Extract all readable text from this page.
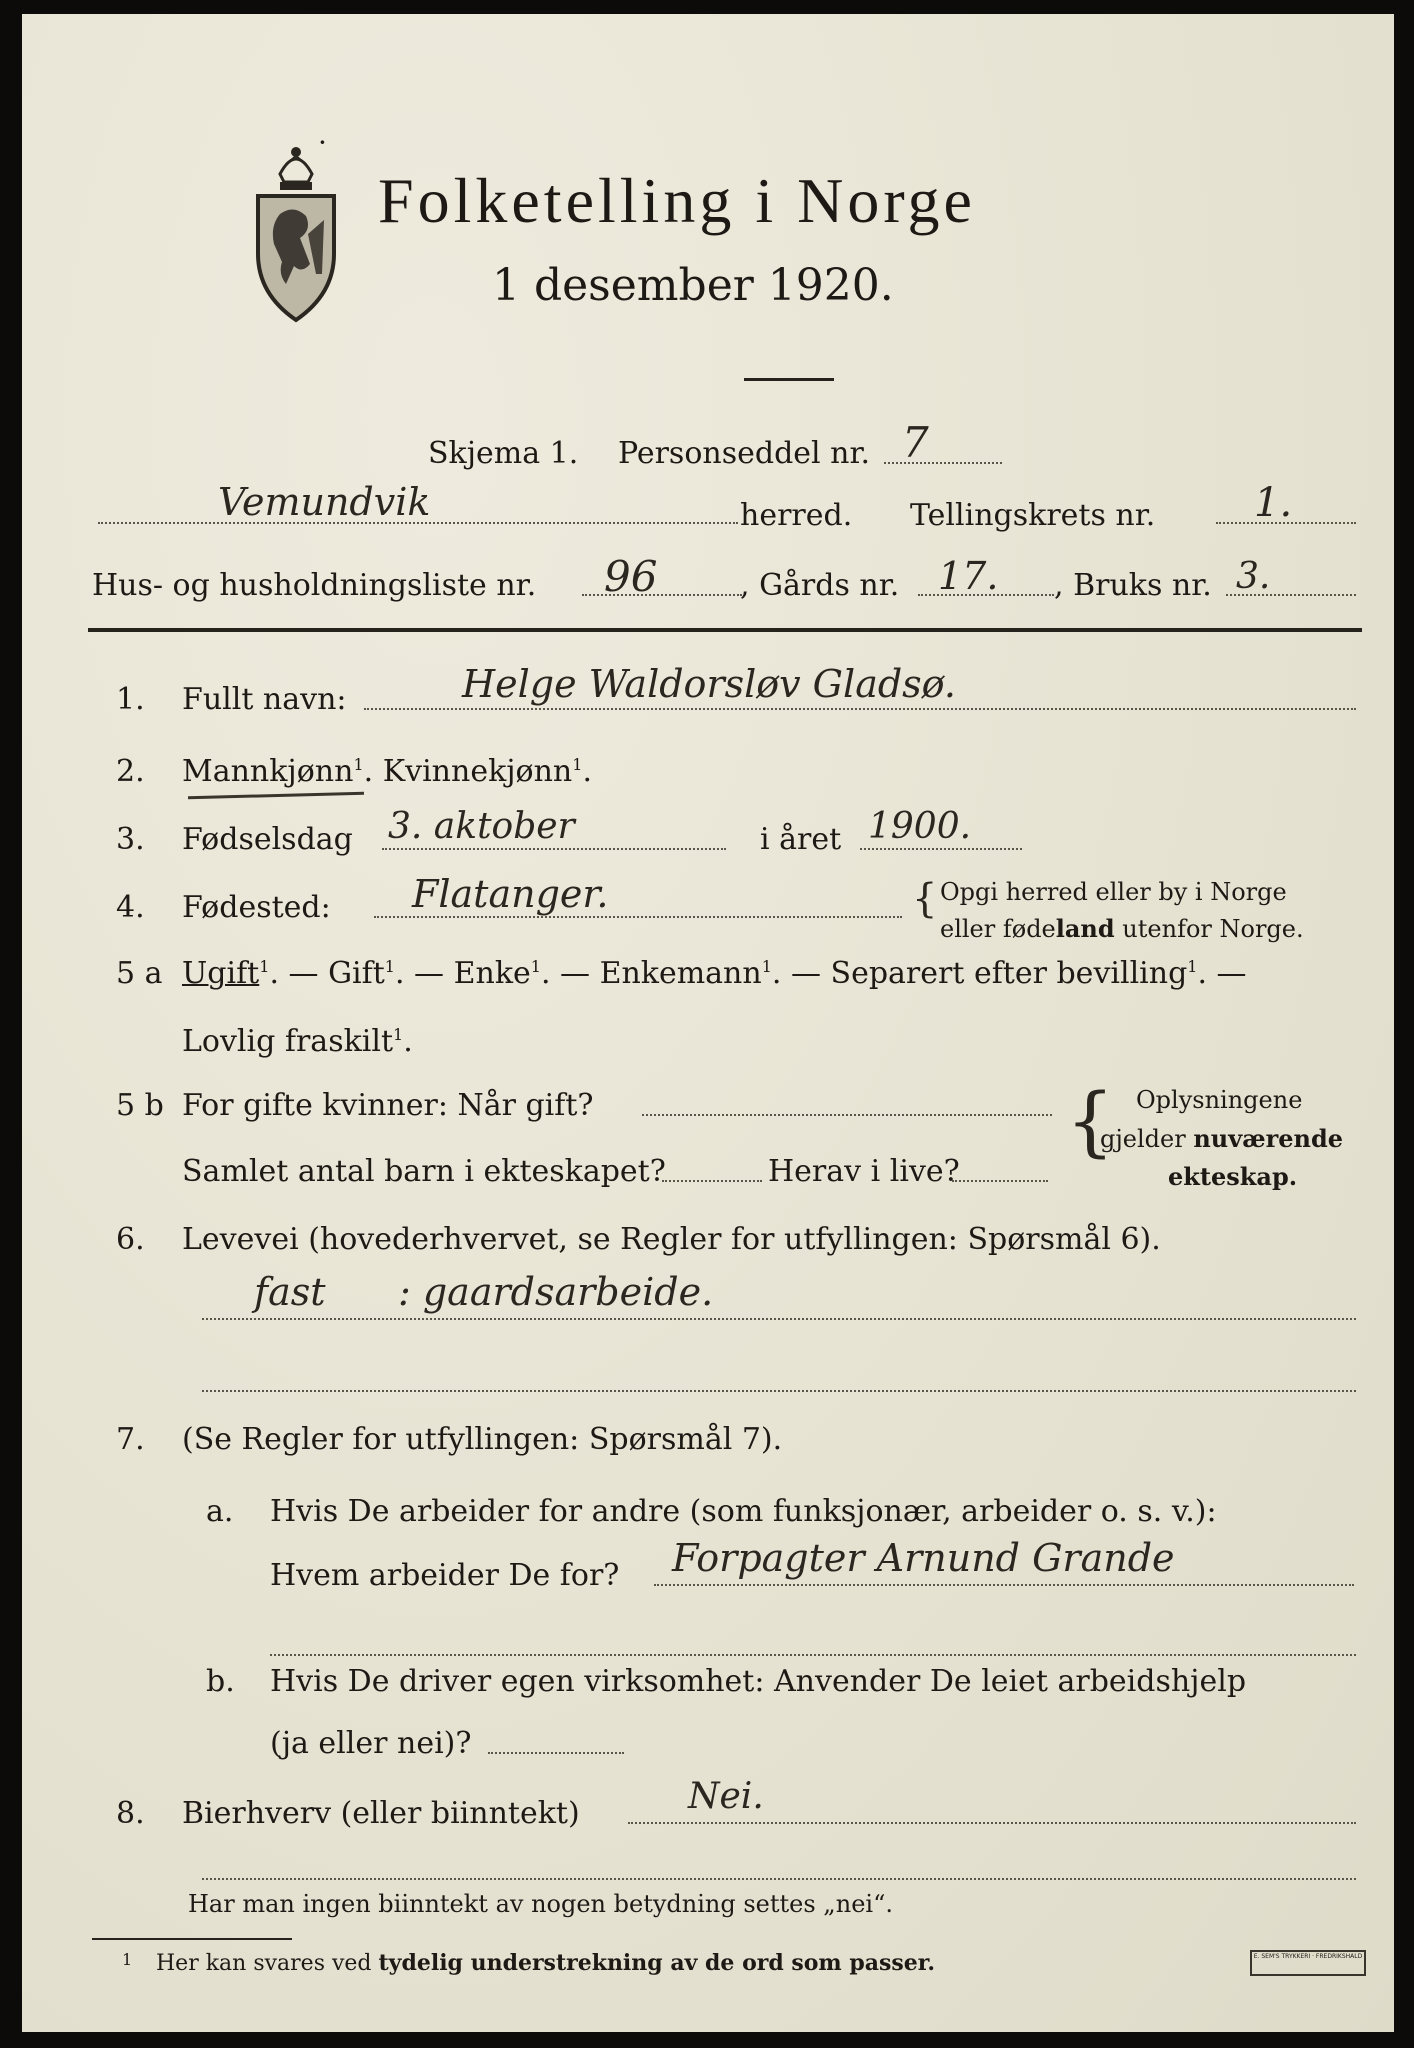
·
Folketelling i Norge
1 desember 1920.
Skjema 1. Personseddel nr. 7
Vemundvik	herred. Tellingskrets nr. 1.
Hus- og husholdningsliste nr. 96	, Gårds nr. 17. , Bruks nr. 3.
1. Fullt navn:	Helge Waldorsløv Gladsø.
2. Mannkjønn$^1$. Kvinnekjønn$^1$.
3. Fødselsdag 3. aktober	i året 1900.
4. Fødested: Flatanger.	{ Opgi herred eller by i Norge
eller fødeland utenfor Norge.
5 a Ugift$^1$. — Gift$^1$. — Enke$^1$. — Enkemann$^1$. — Separert efter bevilling$^1$. —
Lovlig fraskilt$^1$.
5 b For gifte kvinner: Når gift?
Samlet antal barn i ekteskapet?	Herav i live?
{ Oplysningene
gjelder nuværende
ekteskap.
6. Levevei (hovederhvervet, se Regler for utfyllingen: Spørsmål 6).
fast      : gaardsarbeide.
7. (Se Regler for utfyllingen: Spørsmål 7).
a. Hvis De arbeider for andre (som funksjonær, arbeider o. s. v.):
Hvem arbeider De for? Forpagter Arnund Grande
b. Hvis De driver egen virksomhet: Anvender De leiet arbeidshjelp
(ja eller nei)?
8. Bierhverv (eller biinntekt)	Nei.
Har man ingen biinntekt av nogen betydning settes „nei“.
1 Her kan svares ved tydelig understrekning av de ord som passer.	E. SEM'S TRYKKERI · FREDRIKSHALD
